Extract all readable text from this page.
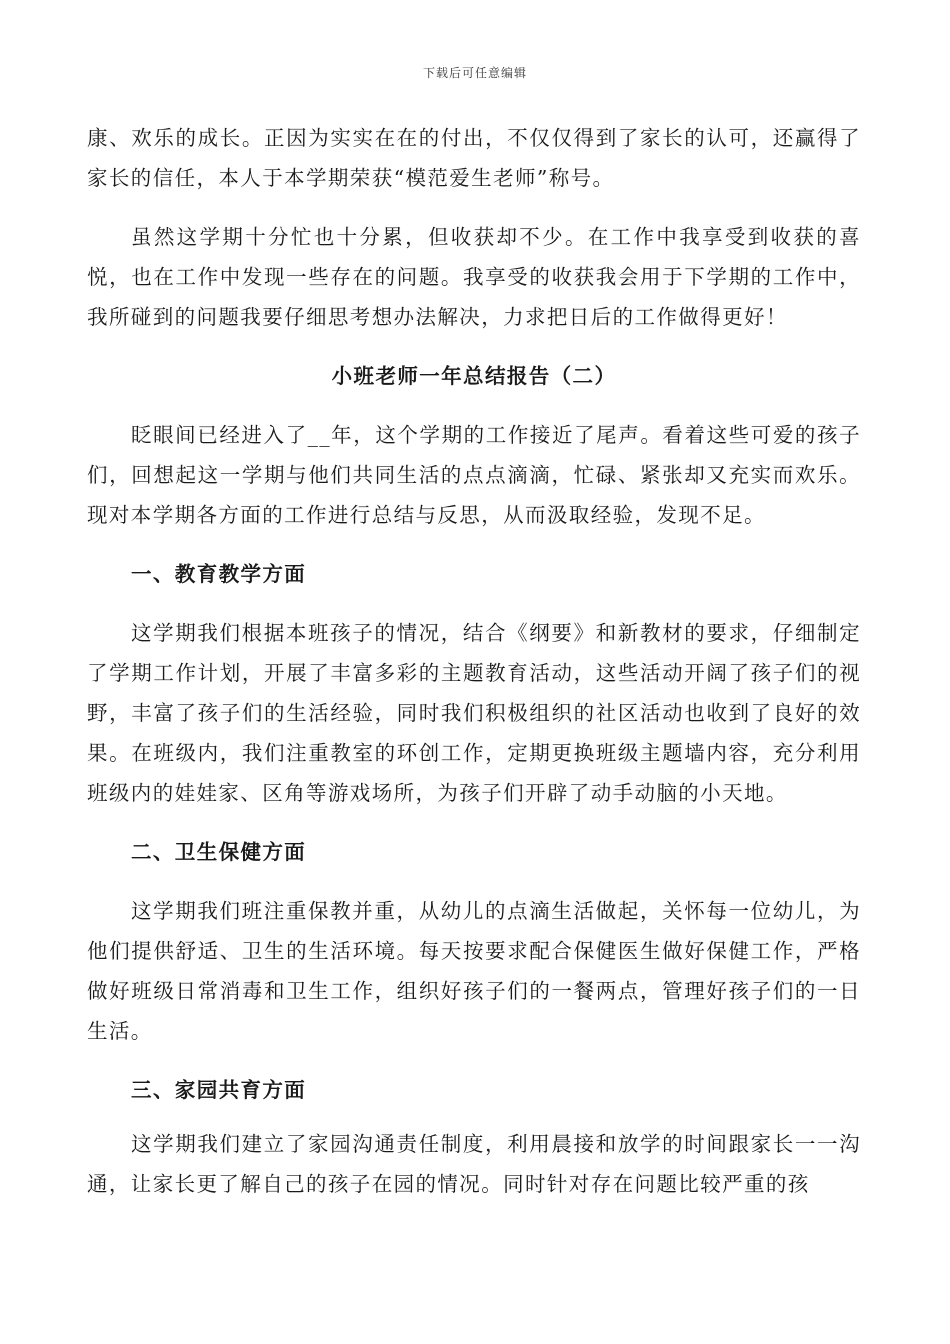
下载后可任意编辑

康、欢乐的成长。正因为实实在在的付出，不仅仅得到了家长的认可，还赢得了家长的信任，本人于本学期荣获“模范爱生老师”称号。

虽然这学期十分忙也十分累，但收获却不少。在工作中我享受到收获的喜悦，也在工作中发现一些存在的问题。我享受的收获我会用于下学期的工作中，我所碰到的问题我要仔细思考想办法解决，力求把日后的工作做得更好！

小班老师一年总结报告（二）

眨眼间已经进入了__年，这个学期的工作接近了尾声。看着这些可爱的孩子们，回想起这一学期与他们共同生活的点点滴滴，忙碌、紧张却又充实而欢乐。现对本学期各方面的工作进行总结与反思，从而汲取经验，发现不足。

一、教育教学方面

这学期我们根据本班孩子的情况，结合《纲要》和新教材的要求，仔细制定了学期工作计划，开展了丰富多彩的主题教育活动，这些活动开阔了孩子们的视野，丰富了孩子们的生活经验，同时我们积极组织的社区活动也收到了良好的效果。在班级内，我们注重教室的环创工作，定期更换班级主题墙内容，充分利用班级内的娃娃家、区角等游戏场所，为孩子们开辟了动手动脑的小天地。

二、卫生保健方面

这学期我们班注重保教并重，从幼儿的点滴生活做起，关怀每一位幼儿，为他们提供舒适、卫生的生活环境。每天按要求配合保健医生做好保健工作，严格做好班级日常消毒和卫生工作，组织好孩子们的一餐两点，管理好孩子们的一日生活。

三、家园共育方面

这学期我们建立了家园沟通责任制度，利用晨接和放学的时间跟家长一一沟通，让家长更了解自己的孩子在园的情况。同时针对存在问题比较严重的孩
